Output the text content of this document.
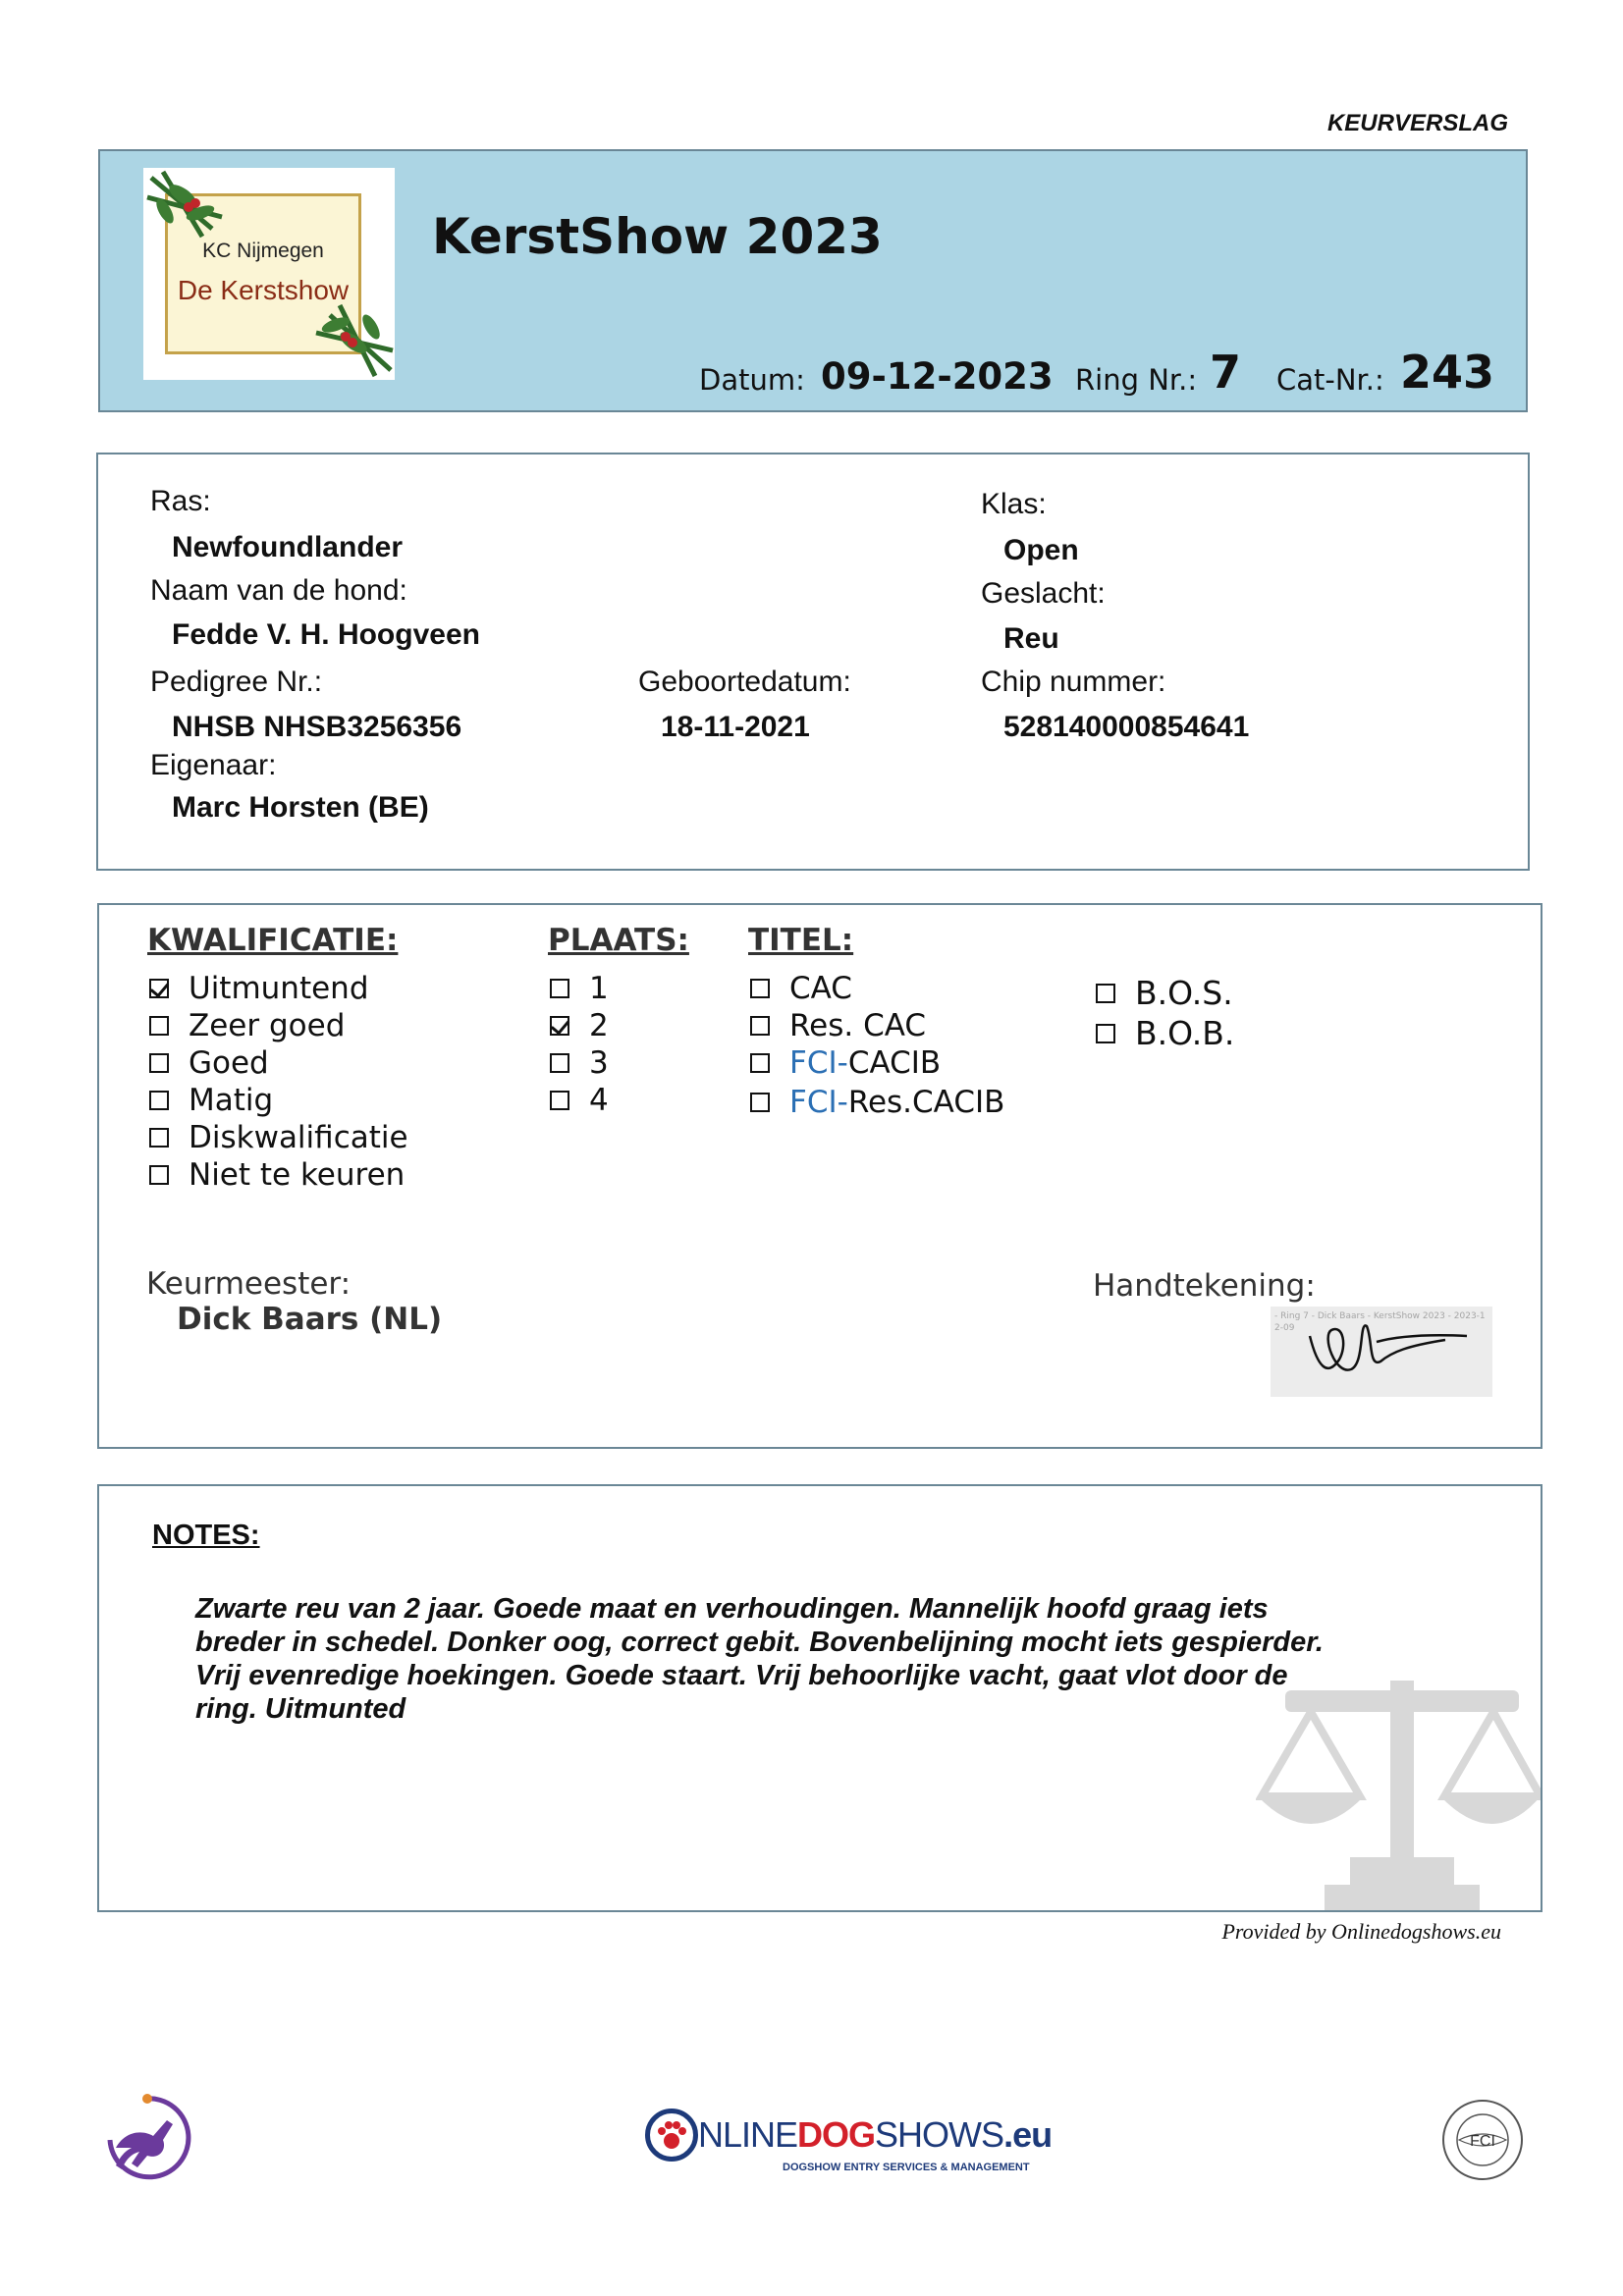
KEURVERSLAG
KC Nijmegen
De Kerstshow
KerstShow 2023
Datum: 09-12-2023 Ring Nr.: 7 Cat-Nr.: 243
Ras:
Newfoundlander
Naam van de hond:
Fedde V. H. Hoogveen
Pedigree Nr.:
NHSB NHSB3256356
Eigenaar:
Marc Horsten (BE)
Geboortedatum:
18-11-2021
Klas:
Open
Geslacht:
Reu
Chip nummer:
528140000854641
KWALIFICATIE:
Uitmuntend
Zeer goed
Goed
Matig
Diskwalificatie
Niet te keuren
PLAATS:
1
2
3
4
TITEL:
CAC
Res. CAC
FCI- CACIB
FCI- Res.CACIB
B.O.S.
B.O.B.
Keurmeester:
Dick Baars (NL)
Handtekening:
- Ring 7 - Dick Baars - KerstShow 2023 - 2023-12-09
NOTES:
Zwarte reu van 2 jaar. Goede maat en verhoudingen. Mannelijk hoofd graag iets
breder in schedel. Donker oog, correct gebit. Bovenbelijning mocht iets gespierder.
Vrij evenredige hoekingen. Goede staart. Vrij behoorlijke vacht, gaat vlot door de
ring. Uitmunted
Provided by Onlinedogshows.eu
NLINEDOGSHOWS.eu
DOGSHOW ENTRY SERVICES & MANAGEMENT
FCI
